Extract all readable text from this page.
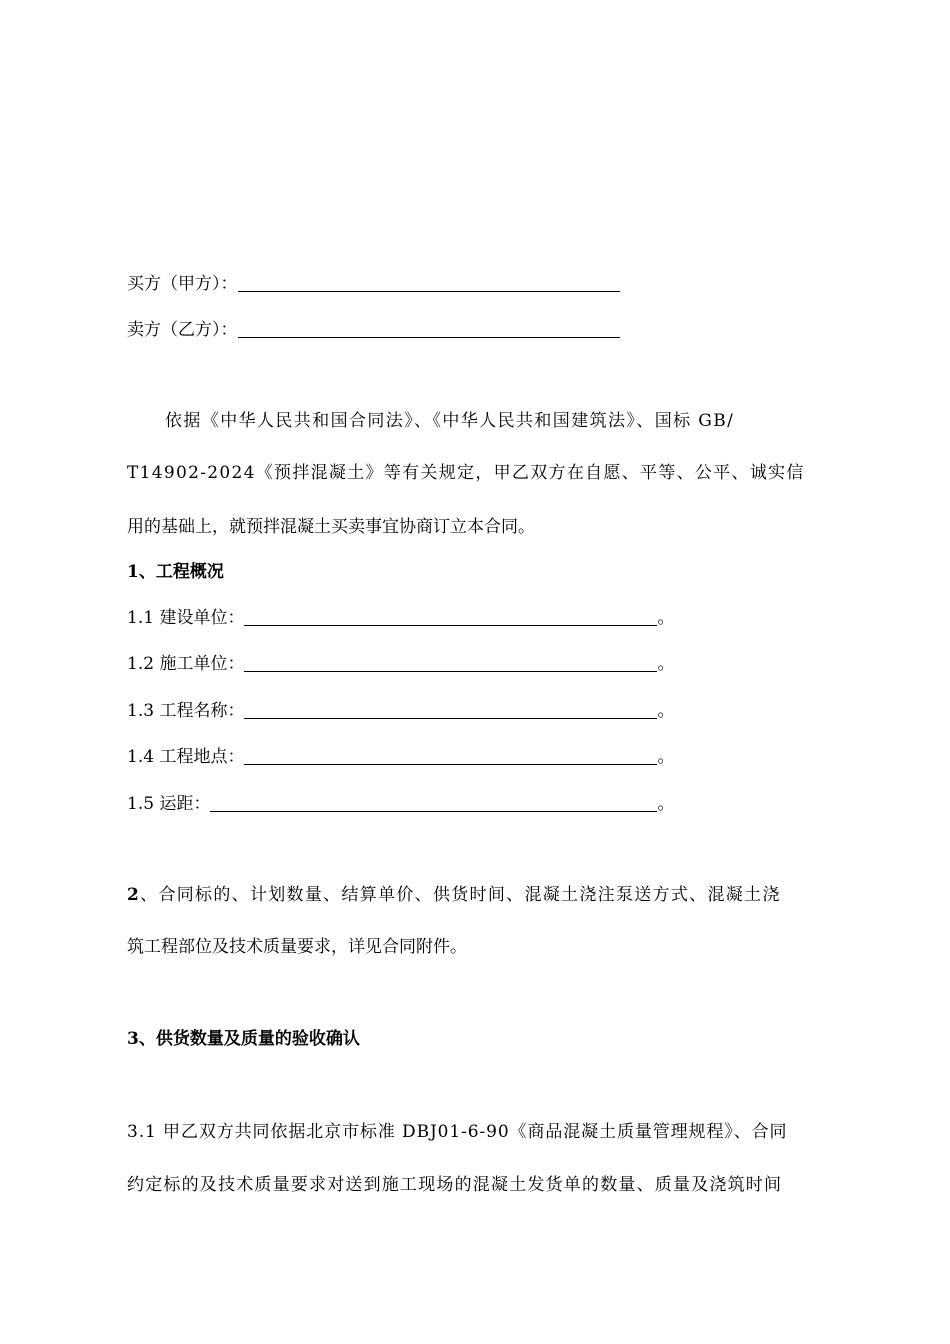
买方（甲方）：
卖方（乙方）：
依据《中华人民共和国合同法》、《中华人民共和国建筑法》、国标 GB/
T14902-2024《预拌混凝土》等有关规定，甲乙双方在自愿、平等、公平、诚实信
用的基础上，就预拌混凝土买卖事宜协商订立本合同。
1、工程概况
1.1 建设单位：	。
1.2 施工单位：	。
1.3 工程名称：	。
1.4 工程地点：	。
1.5 运距：	。
2、合同标的、计划数量、结算单价、供货时间、混凝土浇注泵送方式、混凝土浇
筑工程部位及技术质量要求，详见合同附件。
3、供货数量及质量的验收确认
3.1 甲乙双方共同依据北京市标准 DBJ01-6-90《商品混凝土质量管理规程》、合同
约定标的及技术质量要求对送到施工现场的混凝土发货单的数量、质量及浇筑时间
